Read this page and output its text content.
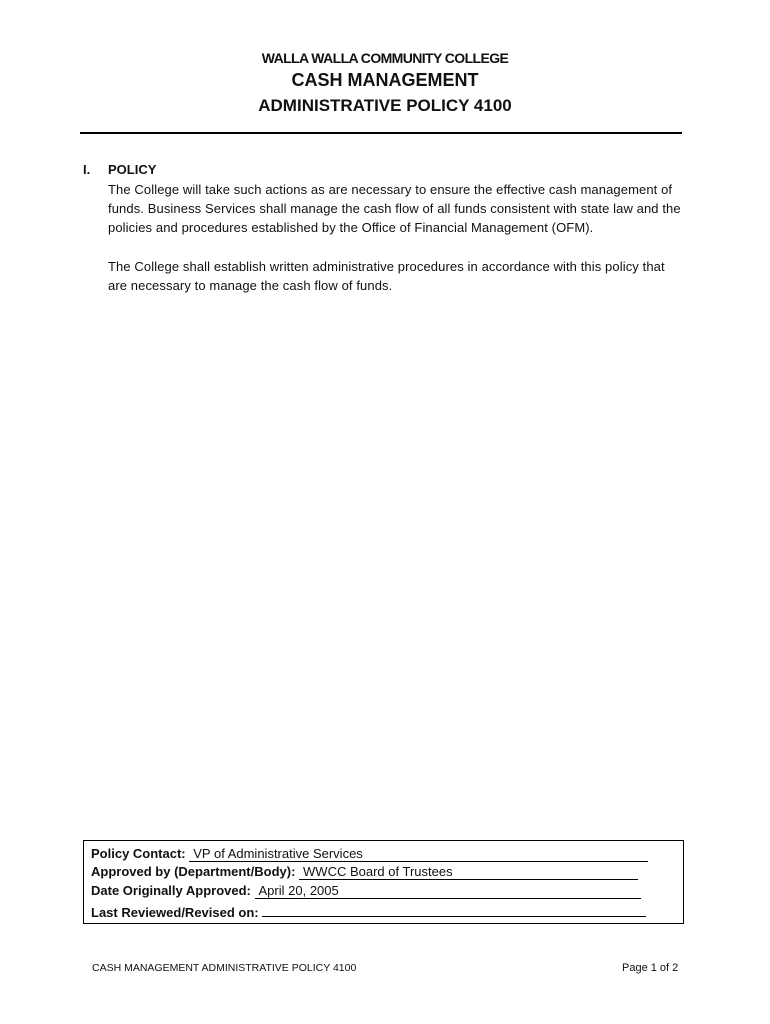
WALLA WALLA COMMUNITY COLLEGE
CASH MANAGEMENT
ADMINISTRATIVE POLICY 4100
I. POLICY
The College will take such actions as are necessary to ensure the effective cash management of funds. Business Services shall manage the cash flow of all funds consistent with state law and the policies and procedures established by the Office of Financial Management (OFM).
The College shall establish written administrative procedures in accordance with this policy that are necessary to manage the cash flow of funds.
Policy Contact: VP of Administrative Services
Approved by (Department/Body): WWCC Board of Trustees
Date Originally Approved: April 20, 2005
Last Reviewed/Revised on:
CASH MANAGEMENT ADMINISTRATIVE POLICY 4100	Page 1 of 2
